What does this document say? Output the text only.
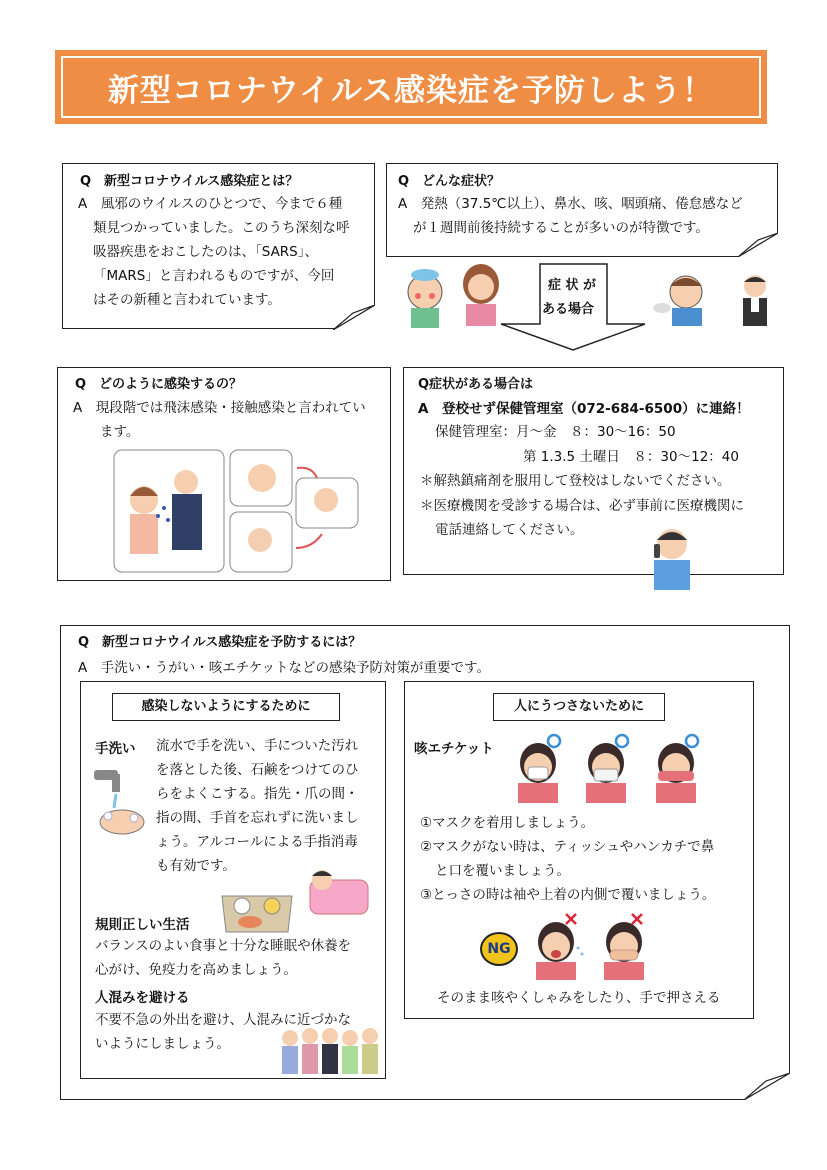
新型コロナウイルス感染症を予防しよう！
Q　新型コロナウイルス感染症とは？
A　風邪のウイルスのひとつで、今まで６種
類見つかっていました。このうち深刻な呼
吸器疾患をおこしたのは、「SARS」、
「MARS」と言われるものですが、今回
はその新種と言われています。
Q　どんな症状？
A　発熱（37.5℃以上）、鼻水、咳、咽頭痛、倦怠感など
が１週間前後持続することが多いのが特徴です。
症 状 が
ある場合
Q　どのように感染するの？
A　現段階では飛沫感染・接触感染と言われてい
ます。
Q症状がある場合は
A　登校せず保健管理室（072-684-6500）に連絡！
保健管理室：月～金　８：30～16：50
第 1.3.5 土曜日　８：30～12：40
＊解熱鎮痛剤を服用して登校はしないでください。
＊医療機関を受診する場合は、必ず事前に医療機関に
電話連絡してください。
Q　新型コロナウイルス感染症を予防するには？
A　手洗い・うがい・咳エチケットなどの感染予防対策が重要です。
感染しないようにするために
手洗い 流水で手を洗い、手についた汚れ
を落とした後、石鹸をつけてのひ
らをよくこする。指先・爪の間・
指の間、手首を忘れずに洗いまし
ょう。アルコールによる手指消毒
も有効です。
規則正しい生活
バランスのよい食事と十分な睡眠や休養を
心がけ、免疫力を高めましょう。
人混みを避ける
不要不急の外出を避け、人混みに近づかな
いようにしましょう。
人にうつさないために
咳エチケット
①マスクを着用しましょう。
②マスクがない時は、ティッシュやハンカチで鼻
と口を覆いましょう。
③とっさの時は袖や上着の内側で覆いましょう。
NG
そのまま咳やくしゃみをしたり、手で押さえる
